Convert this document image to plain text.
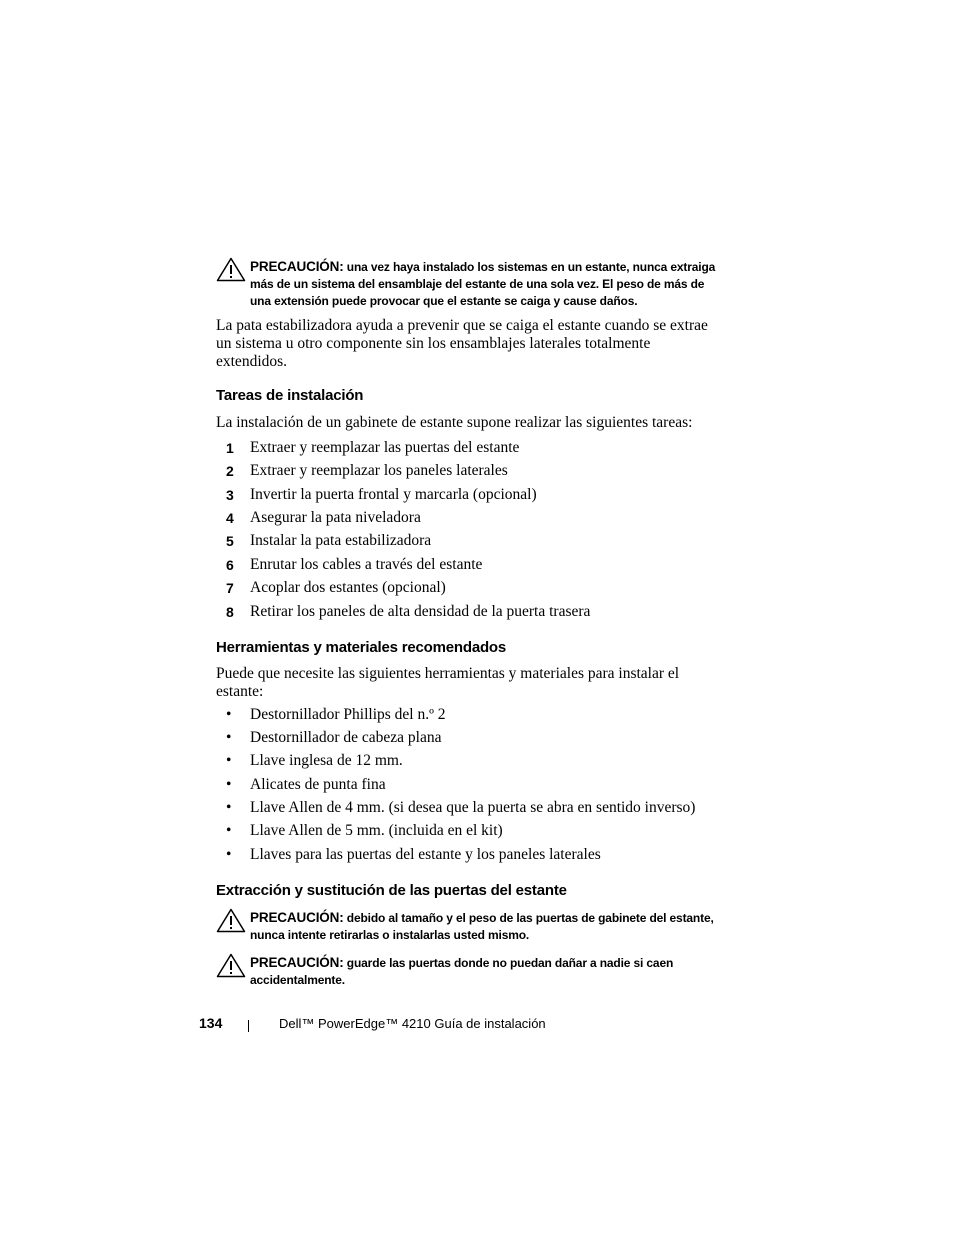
PRECAUCIÓN: una vez haya instalado los sistemas en un estante, nunca extraiga más de un sistema del ensamblaje del estante de una sola vez. El peso de más de una extensión puede provocar que el estante se caiga y cause daños.

La pata estabilizadora ayuda a prevenir que se caiga el estante cuando se extrae un sistema u otro componente sin los ensamblajes laterales totalmente extendidos.

Tareas de instalación

La instalación de un gabinete de estante supone realizar las siguientes tareas:

1 Extraer y reemplazar las puertas del estante
2 Extraer y reemplazar los paneles laterales
3 Invertir la puerta frontal y marcarla (opcional)
4 Asegurar la pata niveladora
5 Instalar la pata estabilizadora
6 Enrutar los cables a través del estante
7 Acoplar dos estantes (opcional)
8 Retirar los paneles de alta densidad de la puerta trasera
Herramientas y materiales recomendados

Puede que necesite las siguientes herramientas y materiales para instalar el estante:

• Destornillador Phillips del n.º 2
• Destornillador de cabeza plana
• Llave inglesa de 12 mm.
• Alicates de punta fina
• Llave Allen de 4 mm. (si desea que la puerta se abra en sentido inverso)
• Llave Allen de 5 mm. (incluida en el kit)
• Llaves para las puertas del estante y los paneles laterales
Extracción y sustitución de las puertas del estante
PRECAUCIÓN: debido al tamaño y el peso de las puertas de gabinete del estante, nunca intente retirarlas o instalarlas usted mismo.
PRECAUCIÓN: guarde las puertas donde no puedan dañar a nadie si caen accidentalmente.
134	Dell™ PowerEdge™ 4210 Guía de instalación
